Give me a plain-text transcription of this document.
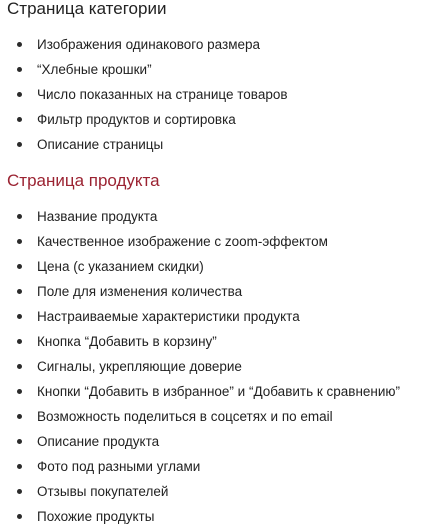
Страница категории
Изображения одинакового размера
“Хлебные крошки”
Число показанных на странице товаров
Фильтр продуктов и сортировка
Описание страницы
Страница продукта
Название продукта
Качественное изображение с zoom-эффектом
Цена (с указанием скидки)
Поле для изменения количества
Настраиваемые характеристики продукта
Кнопка “Добавить в корзину”
Сигналы, укрепляющие доверие
Кнопки “Добавить в избранное” и “Добавить к сравнению”
Возможность поделиться в соцсетях и по email
Описание продукта
Фото под разными углами
Отзывы покупателей
Похожие продукты
